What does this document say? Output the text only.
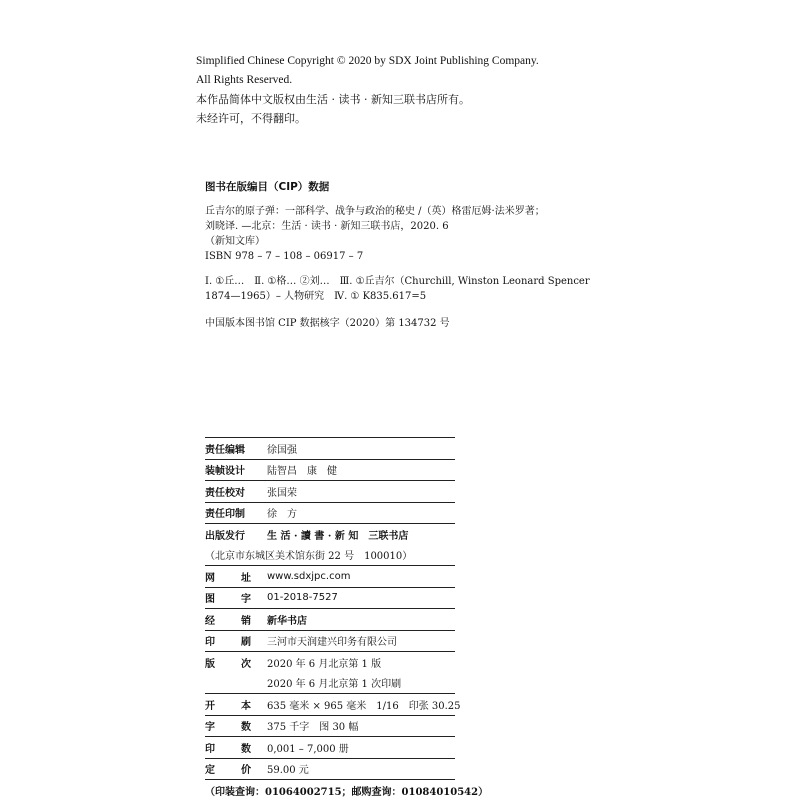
Simplified Chinese Copyright © 2020 by SDX Joint Publishing Company.
All Rights Reserved.
本作品简体中文版权由生活 · 读书 · 新知三联书店所有。
未经许可，不得翻印。
图书在版编目（CIP）数据
丘吉尔的原子弹：一部科学、战争与政治的秘史 /（英）格雷厄姆·法米罗著；
刘晓译. —北京：生活 · 读书 · 新知三联书店，2020. 6
（新知文库）
ISBN 978 – 7 – 108 – 06917 – 7
Ⅰ. ①丘…　Ⅱ. ①格… ②刘…　Ⅲ. ①丘吉尔（Churchill, Winston Leonard Spencer
1874—1965）– 人物研究　Ⅳ. ① K835.617=5
中国版本图书馆 CIP 数据核字（2020）第 134732 号
责任编辑	徐国强
装帧设计	陆智昌　康　健
责任校对	张国荣
责任印制	徐　方
出版发行	生 活 · 讀 書 · 新 知　三联书店
（北京市东城区美术馆东街 22 号　100010）
网	址	www.sdxjpc.com
图	字	01-2018-7527
经	销	新华书店
印	刷	三河市天润建兴印务有限公司
版	次	2020 年 6 月北京第 1 版
2020 年 6 月北京第 1 次印刷
开	本	635 毫米 × 965 毫米　1/16　印张 30.25
字	数	375 千字　图 30 幅
印	数	0,001 – 7,000 册
定	价	59.00 元
（印装查询：01064002715；邮购查询：01084010542）
